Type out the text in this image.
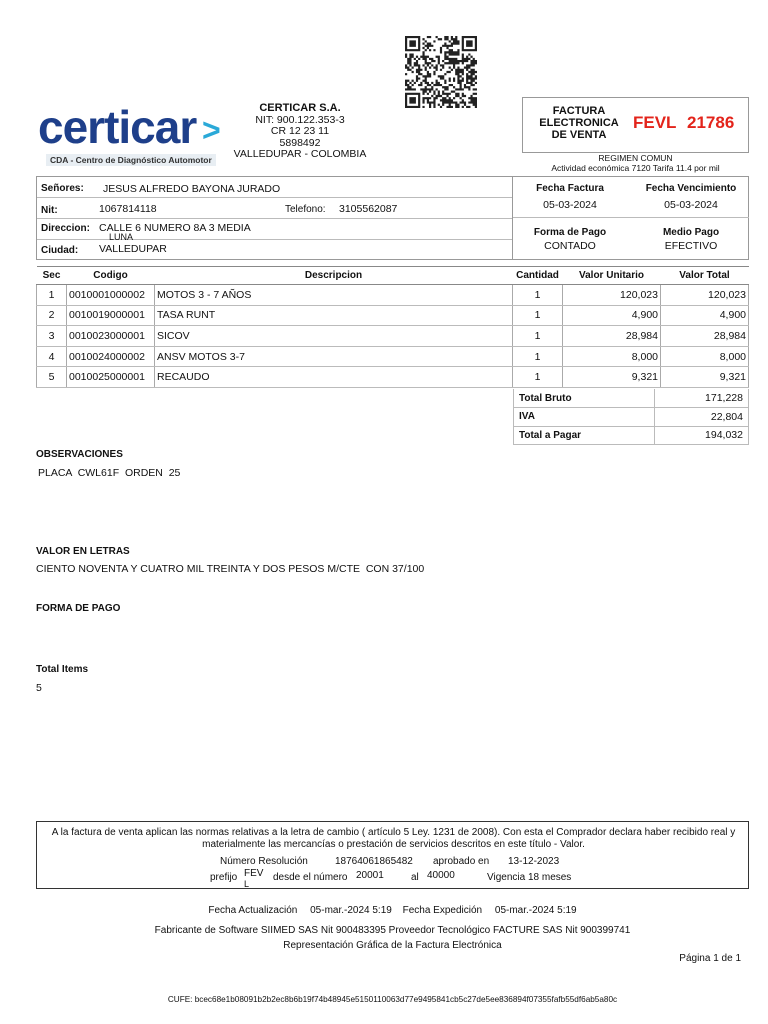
certicar >
CDA - Centro de Diagnóstico Automotor
CERTICAR S.A.
NIT: 900.122.353-3
CR 12 23 11
5898492
VALLEDUPAR - COLOMBIA
FACTURA
ELECTRONICA
DE VENTA
FEVL 21786
REGIMEN COMUN
Actividad económica 7120 Tarifa 11.4 por mil
Señores: JESUS ALFREDO BAYONA JURADO
Nit:	1067814118	Telefono: 3105562087
Direccion: CALLE 6 NUMERO 8A 3 MEDIA
LUNA
Ciudad: VALLEDUPAR
Fecha Factura
05-03-2024
Fecha Vencimiento
05-03-2024
Forma de Pago
CONTADO
Medio Pago
EFECTIVO
Sec	Codigo	Descripcion	Cantidad	Valor Unitario	Valor Total
1	0010001000002	MOTOS 3 - 7 AÑOS	1	120,023	120,023
2	0010019000001	TASA RUNT	1	4,900	4,900
3	0010023000001	SICOV	1	28,984	28,984
4	0010024000002	ANSV MOTOS 3-7	1	8,000	8,000
5	0010025000001	RECAUDO	1	9,321	9,321
Total Bruto	171,228
IVA	22,804
Total a Pagar	194,032
OBSERVACIONES
PLACA  CWL61F  ORDEN  25
VALOR EN LETRAS
CIENTO NOVENTA Y CUATRO MIL TREINTA Y DOS PESOS M/CTE  CON 37/100
FORMA DE PAGO
Total Items
5
A la factura de venta aplican las normas relativas a la letra de cambio ( artículo 5 Ley. 1231 de 2008). Con esta el Comprador declara haber recibido real y materialmente las mercancías o prestación de servicios descritos en este título - Valor.
Número Resolución	18764061865482 aprobado en 13-12-2023
prefijo FEV
L
desde el número 20001	al 40000	Vigencia 18 meses
Fecha Actualización 05-mar.-2024 5:19 Fecha Expedición 05-mar.-2024 5:19
Fabricante de Software SIIMED SAS Nit 900483395 Proveedor Tecnológico FACTURE SAS Nit 900399741
Representación Gráfica de la Factura Electrónica
Página 1 de 1
CUFE: bcec68e1b08091b2b2ec8b6b19f74b48945e5150110063d77e9495841cb5c27de5ee836894f07355fafb55df6ab5a80c
